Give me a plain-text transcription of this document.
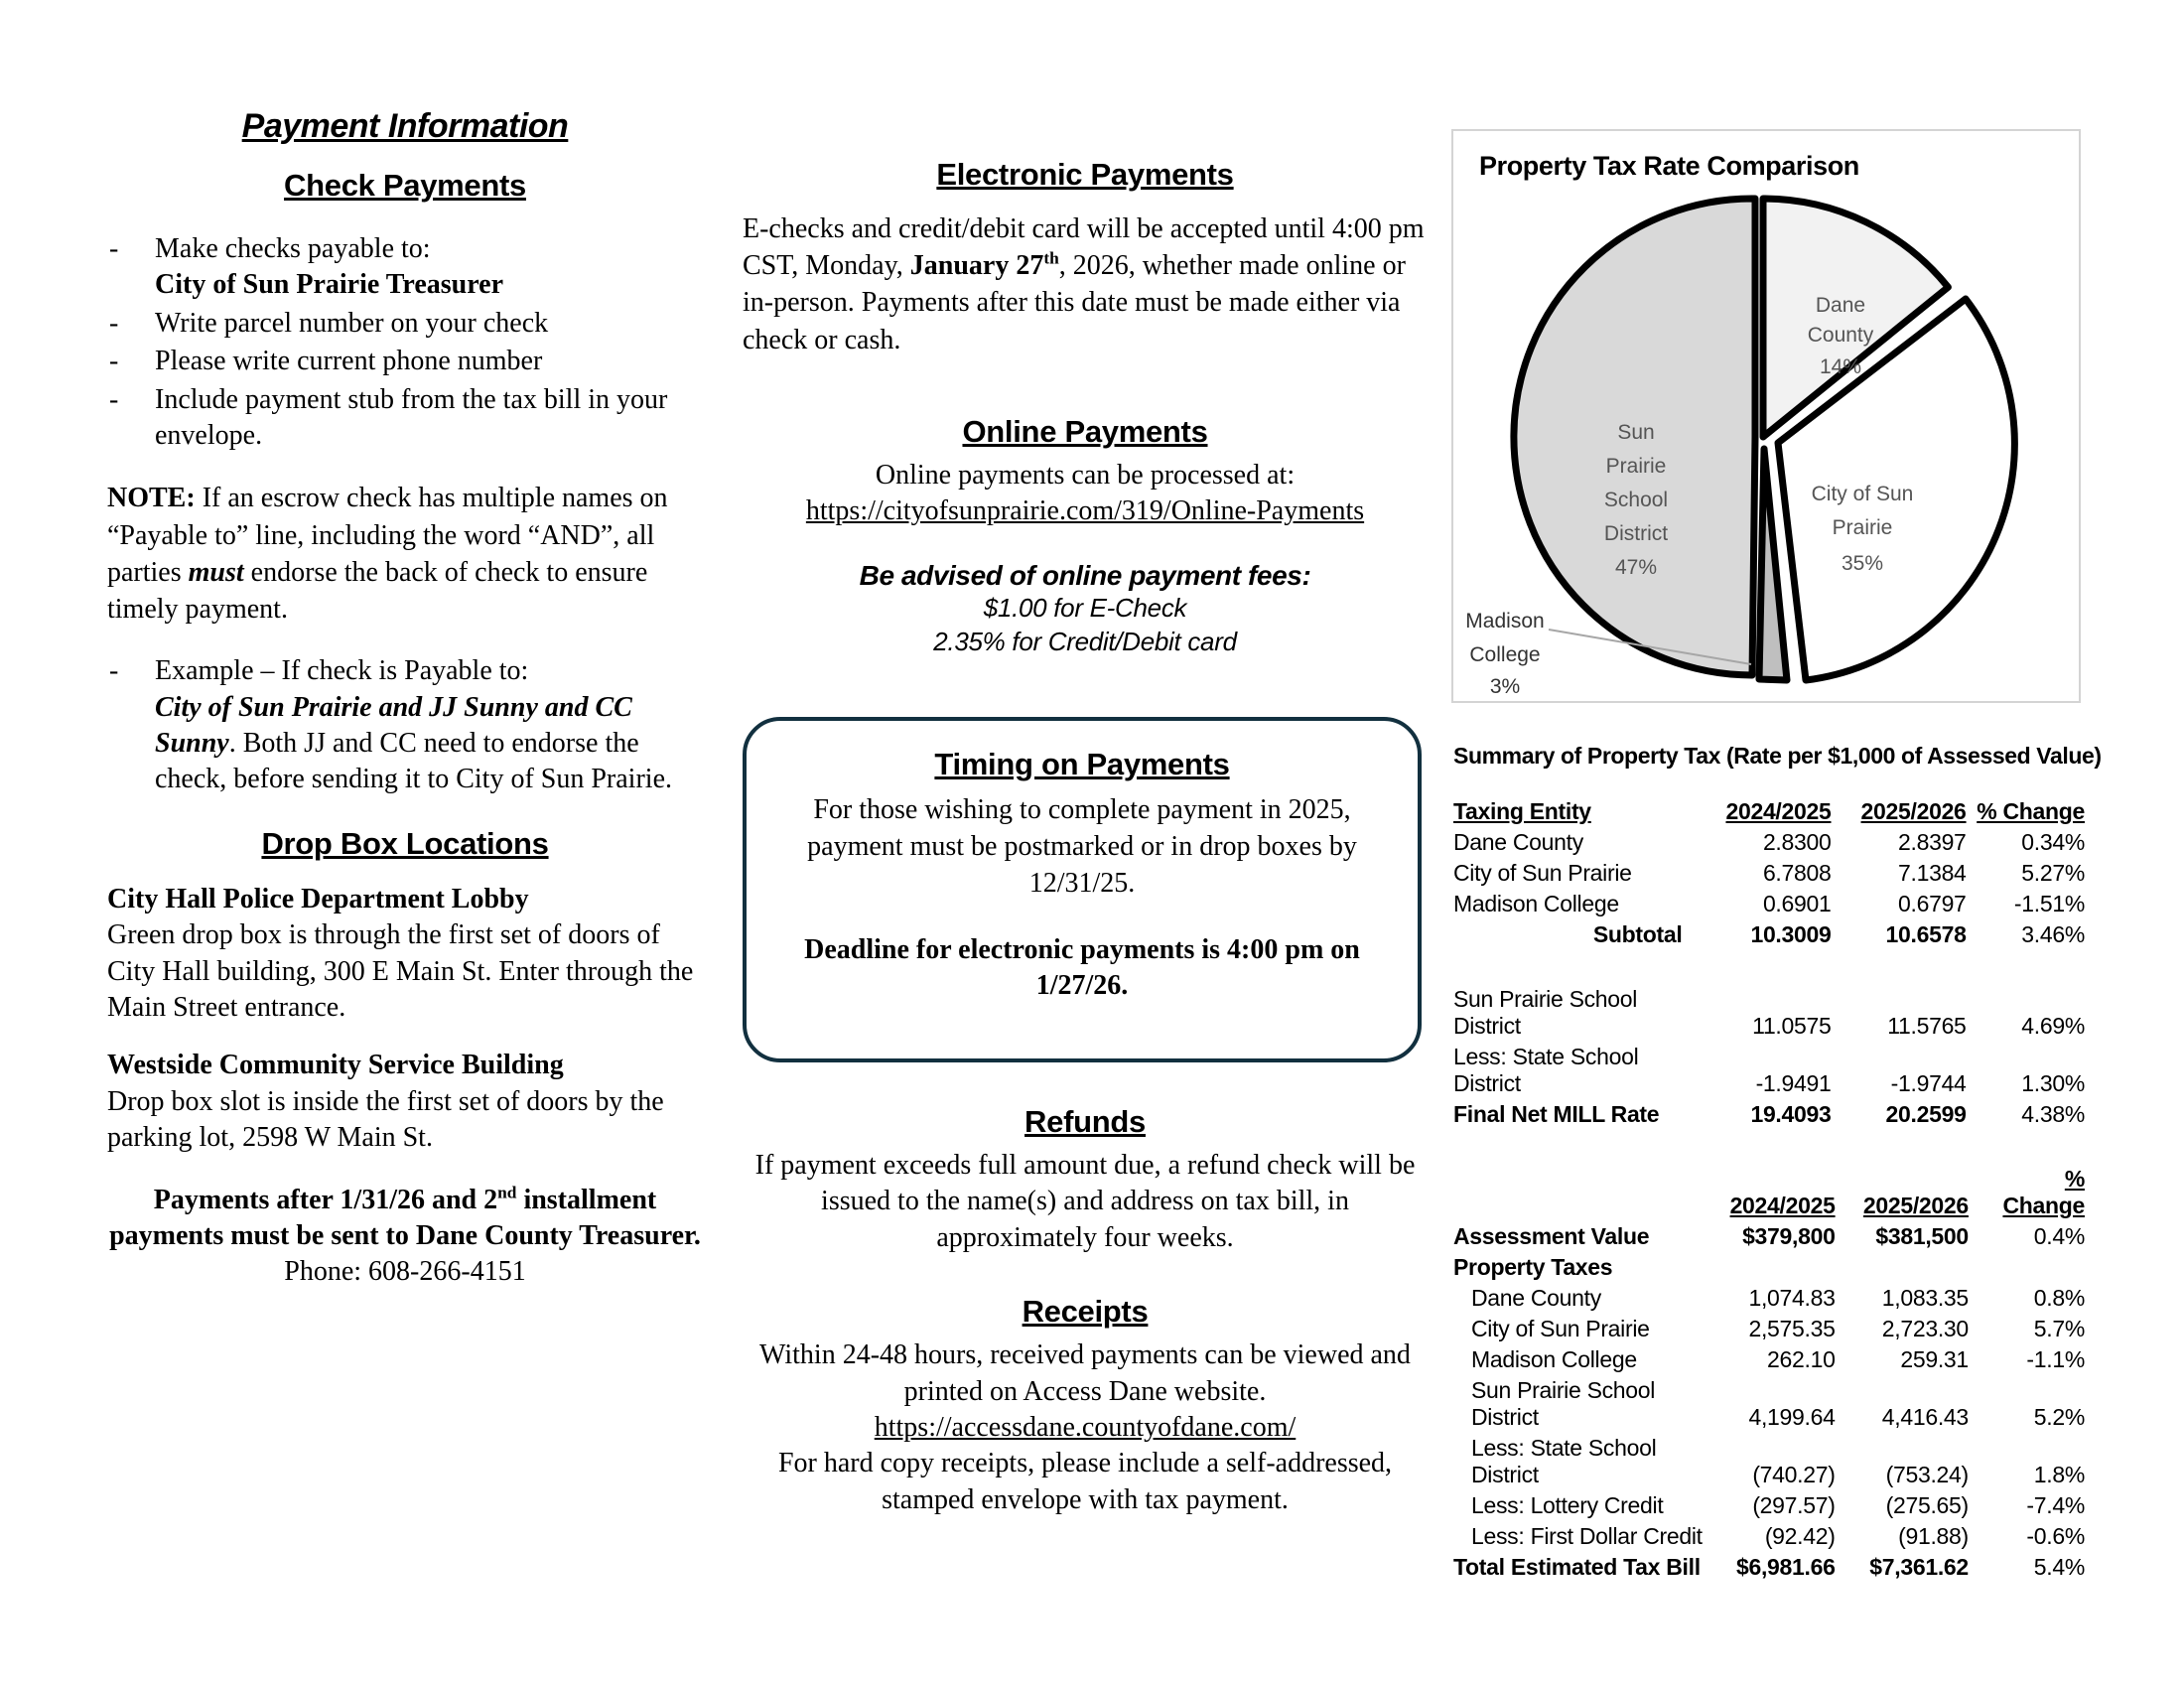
Payment Information
Check Payments
- Make checks payable to:
City of Sun Prairie Treasurer
- Write parcel number on your check
- Please write current phone number
- Include payment stub from the tax bill in your envelope.
NOTE: If an escrow check has multiple names on “Payable to” line, including the word “AND”, all parties must endorse the back of check to ensure timely payment.
- Example – If check is Payable to:
City of Sun Prairie and JJ Sunny and CC Sunny. Both JJ and CC need to endorse the check, before sending it to City of Sun Prairie.
Drop Box Locations
City Hall Police Department Lobby
Green drop box is through the first set of doors of City Hall building, 300 E Main St. Enter through the Main Street entrance.
Westside Community Service Building
Drop box slot is inside the first set of doors by the parking lot, 2598 W Main St.
Payments after 1/31/26 and 2nd installment payments must be sent to Dane County Treasurer.
Phone: 608-266-4151
Electronic Payments
E-checks and credit/debit card will be accepted until 4:00 pm CST, Monday, January 27th, 2026, whether made online or in-person. Payments after this date must be made either via check or cash.
Online Payments
Online payments can be processed at:
https://cityofsunprairie.com/319/Online-Payments
Be advised of online payment fees:
$1.00 for E-Check
2.35% for Credit/Debit card
Timing on Payments
For those wishing to complete payment in 2025, payment must be postmarked or in drop boxes by 12/31/25.
Deadline for electronic payments is 4:00 pm on 1/27/26.
Refunds
If payment exceeds full amount due, a refund check will be issued to the name(s) and address on tax bill, in approximately four weeks.
Receipts
Within 24-48 hours, received payments can be viewed and printed on Access Dane website.
https://accessdane.countyofdane.com/
For hard copy receipts, please include a self-addressed, stamped envelope with tax payment.
Property Tax Rate Comparison
Dane
County
14%
Sun
Prairie
School
District
47%
City of Sun
Prairie
35%
Madison
College
3%
Summary of Property Tax (Rate per $1,000 of Assessed Value)
Taxing Entity	2024/2025	2025/2026	% Change
Dane County	2.8300	2.8397	0.34%
City of Sun Prairie	6.7808	7.1384	5.27%
Madison College	0.6901	0.6797	-1.51%
Subtotal	10.3009	10.6578	3.46%

Sun Prairie School District	11.0575	11.5765	4.69%
Less: State School District	-1.9491	-1.9744	1.30%
Final Net MILL Rate	19.4093	20.2599	4.38%
	2024/2025	2025/2026	% Change
Assessment Value	$379,800	$381,500	0.4%
Property Taxes			
Dane County	1,074.83	1,083.35	0.8%
City of Sun Prairie	2,575.35	2,723.30	5.7%
Madison College	262.10	259.31	-1.1%
Sun Prairie School District	4,199.64	4,416.43	5.2%
Less: State School District	(740.27)	(753.24)	1.8%
Less: Lottery Credit	(297.57)	(275.65)	-7.4%
Less: First Dollar Credit	(92.42)	(91.88)	-0.6%
Total Estimated Tax Bill	$6,981.66	$7,361.62	5.4%
